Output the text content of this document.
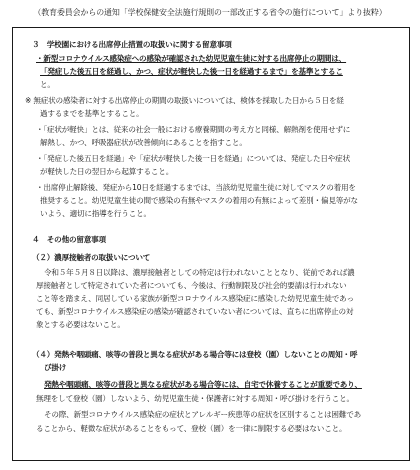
（教育委員会からの通知「学校保健安全法施行規則の一部改正する省令の施行について」より抜粋）
３　学校園における出席停止措置の取扱いに関する留意事項
・新型コロナウイルス感染症への感染が確認された幼児児童生徒に対する出席停止の期間は、
「発症した後五日を経過し、かつ、症状が軽快した後一日を経過するまで」を基準とするこ
と。
※ 無症状の感染者に対する出席停止の期間の取扱いについては、検体を採取した日から５日を経
過するまでを基準とすること。
・「症状が軽快」とは、従来の社会一般における療養期間の考え方と同様、解熱剤を使用せずに
解熱し、かつ、呼吸器症状が改善傾向にあることを指すこと。
・「発症した後五日を経過」や「症状が軽快した後一日を経過」については、発症した日や症状
が軽快した日の翌日から起算すること。
・出席停止解除後、発症から10日を経過するまでは、当該幼児児童生徒に対してマスクの着用を
推奨すること。幼児児童生徒の間で感染の有無やマスクの着用の有無によって差別・偏見等がな
いよう、適切に指導を行うこと。
４　その他の留意事項
（２）濃厚接触者の取扱いについて
令和５年５月８日以降は、濃厚接触者としての特定は行われないこととなり、従前であれば濃
厚接触者として特定されていた者についても、今後は、行動制限及び社会的要請は行われない
こと等を踏まえ、同居している家族が新型コロナウイルス感染症に感染した幼児児童生徒であっ
ても、新型コロナウイルス感染症の感染が確認されていない者については、直ちに出席停止の対
象とする必要はないこと。
（４）発熱や咽頭痛、咳等の普段と異なる症状がある場合等には登校（園）しないことの周知・呼
び掛け
発熱や咽頭痛、咳等の普段と異なる症状がある場合等には、自宅で休養することが重要であり、
無理をして登校（園）しないよう、幼児児童生徒・保護者に対する周知・呼び掛けを行うこと。
その際、新型コロナウイルス感染症の症状とアレルギー疾患等の症状を区別することは困難であ
ることから、軽微な症状があることをもって、登校（園）を一律に制限する必要はないこと。
